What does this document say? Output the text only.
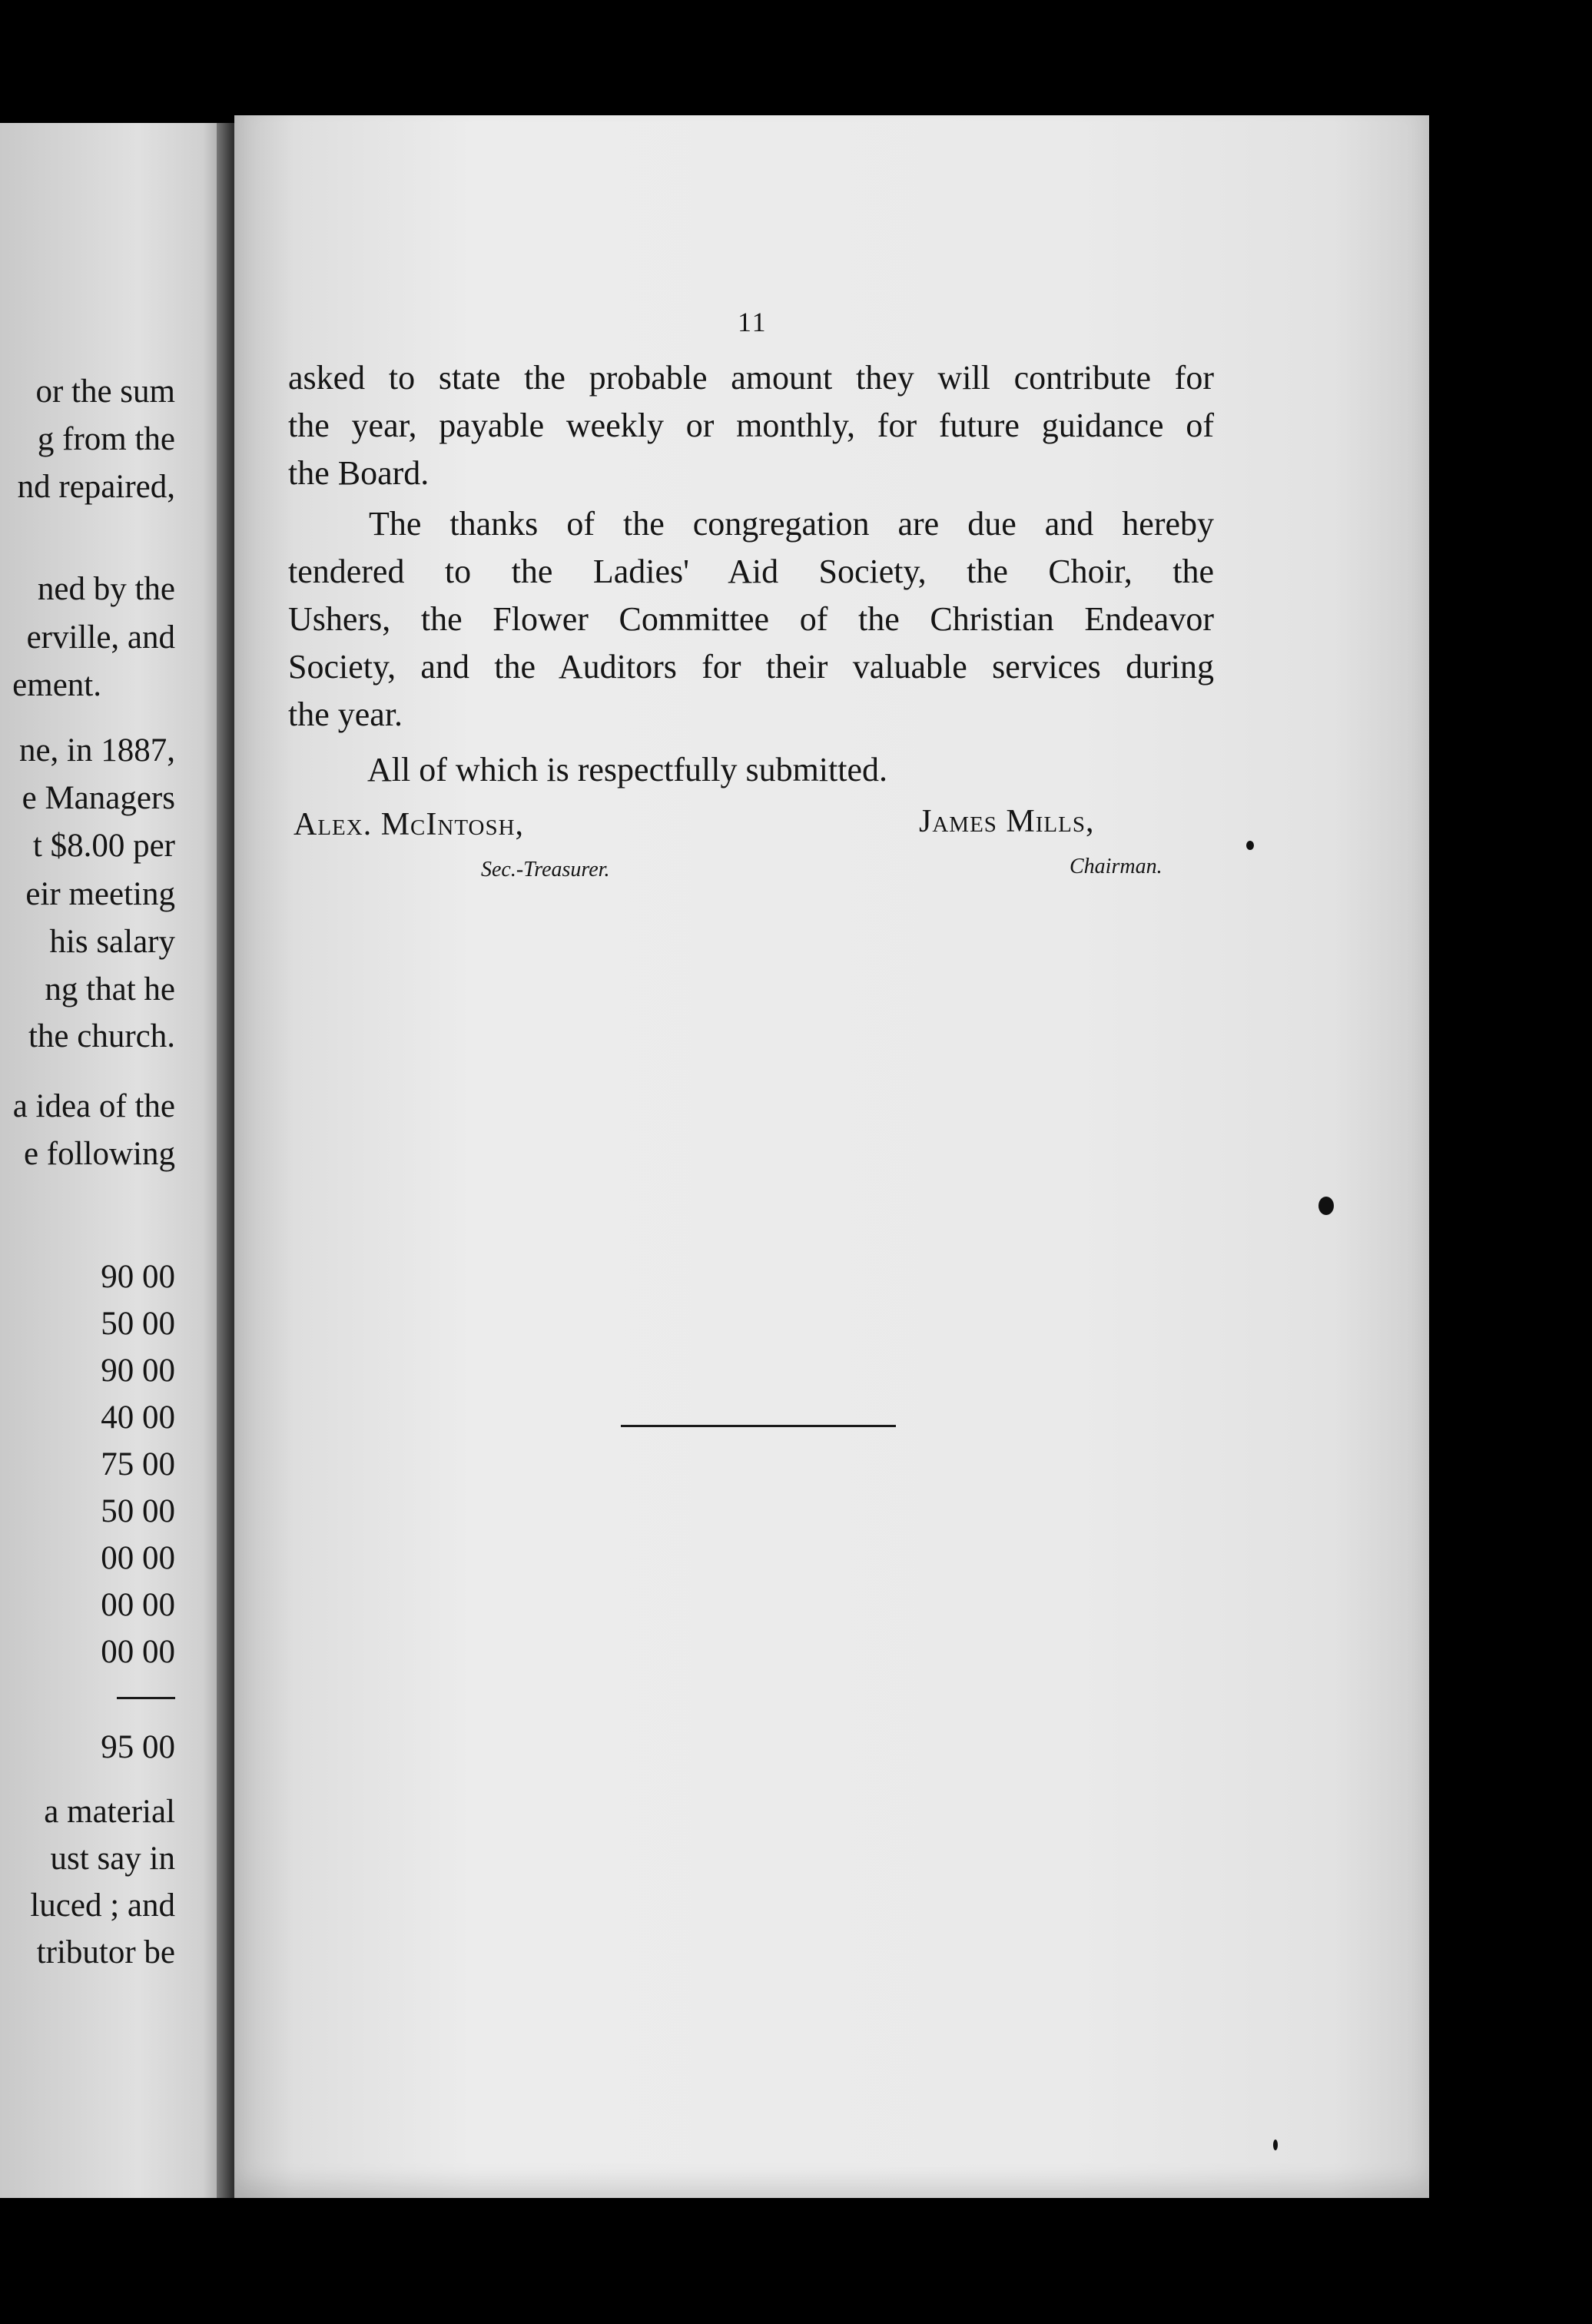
or the sum

g from the

nd repaired,

ned by the

erville, and

ement.

ne, in 1887,

e Managers

t $8.00 per

eir meeting

his salary

ng that he

the church.

a idea of the

e following

90 00

50 00

90 00

40 00

75 00

50 00

00 00

00 00

00 00

95 00

a material

ust say in

luced ; and

tributor be

11

asked to state the probable amount they will contribute for

the year, payable weekly or monthly, for future guidance of

the Board.

The thanks of the congregation are due and hereby

tendered to the Ladies' Aid Society, the Choir, the

Ushers, the Flower Committee of the Christian Endeavor

Society, and the Auditors for their valuable services during

the year.

All of which is respectfully submitted.

Alex. McIntosh,
Sec.-Treasurer.
James Mills,
Chairman.
